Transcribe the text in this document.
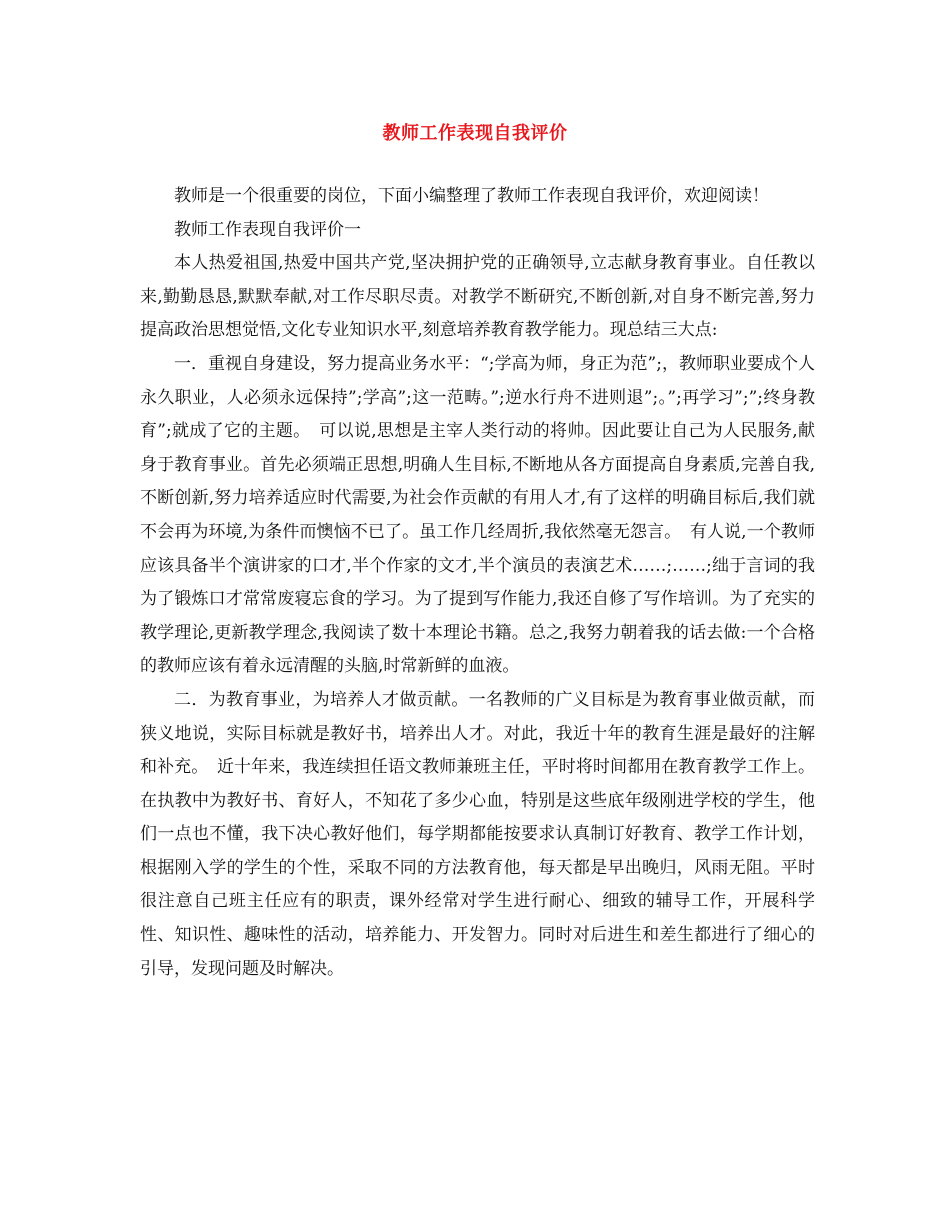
教师工作表现自我评价

教师是一个很重要的岗位，下面小编整理了教师工作表现自我评价，欢迎阅读！

教师工作表现自我评价一

本人热爱祖国,热爱中国共产党,坚决拥护党的正确领导,立志献身教育事业。自任教以来,勤勤恳恳,默默奉献,对工作尽职尽责。对教学不断研究,不断创新,对自身不断完善,努力提高政治思想觉悟,文化专业知识水平,刻意培养教育教学能力。现总结三大点:

一．重视自身建设，努力提高业务水平：“;学高为师，身正为范”;，教师职业要成个人永久职业，人必须永远保持”;学高”;这一范畴。”;逆水行舟不进则退”;。”;再学习”;”;终身教育”;就成了它的主题。　可以说,思想是主宰人类行动的将帅。因此要让自己为人民服务,献身于教育事业。首先必须端正思想,明确人生目标,不断地从各方面提高自身素质,完善自我,不断创新,努力培养适应时代需要,为社会作贡献的有用人才,有了这样的明确目标后,我们就不会再为环境,为条件而懊恼不已了。虽工作几经周折,我依然毫无怨言。　有人说,一个教师应该具备半个演讲家的口才,半个作家的文才,半个演员的表演艺术……;……;绌于言词的我为了锻炼口才常常废寝忘食的学习。为了提到写作能力,我还自修了写作培训。为了充实的教学理论,更新教学理念,我阅读了数十本理论书籍。总之,我努力朝着我的话去做:一个合格的教师应该有着永远清醒的头脑,时常新鲜的血液。

二．为教育事业，为培养人才做贡献。一名教师的广义目标是为教育事业做贡献，而狭义地说，实际目标就是教好书，培养出人才。对此，我近十年的教育生涯是最好的注解和补充。　近十年来，我连续担任语文教师兼班主任，平时将时间都用在教育教学工作上。在执教中为教好书、育好人，不知花了多少心血，特别是这些底年级刚进学校的学生，他们一点也不懂，我下决心教好他们，每学期都能按要求认真制订好教育、教学工作计划，根据刚入学的学生的个性，采取不同的方法教育他，每天都是早出晚归，风雨无阻。平时很注意自己班主任应有的职责，课外经常对学生进行耐心、细致的辅导工作，开展科学性、知识性、趣味性的活动，培养能力、开发智力。同时对后进生和差生都进行了细心的引导，发现问题及时解决。
